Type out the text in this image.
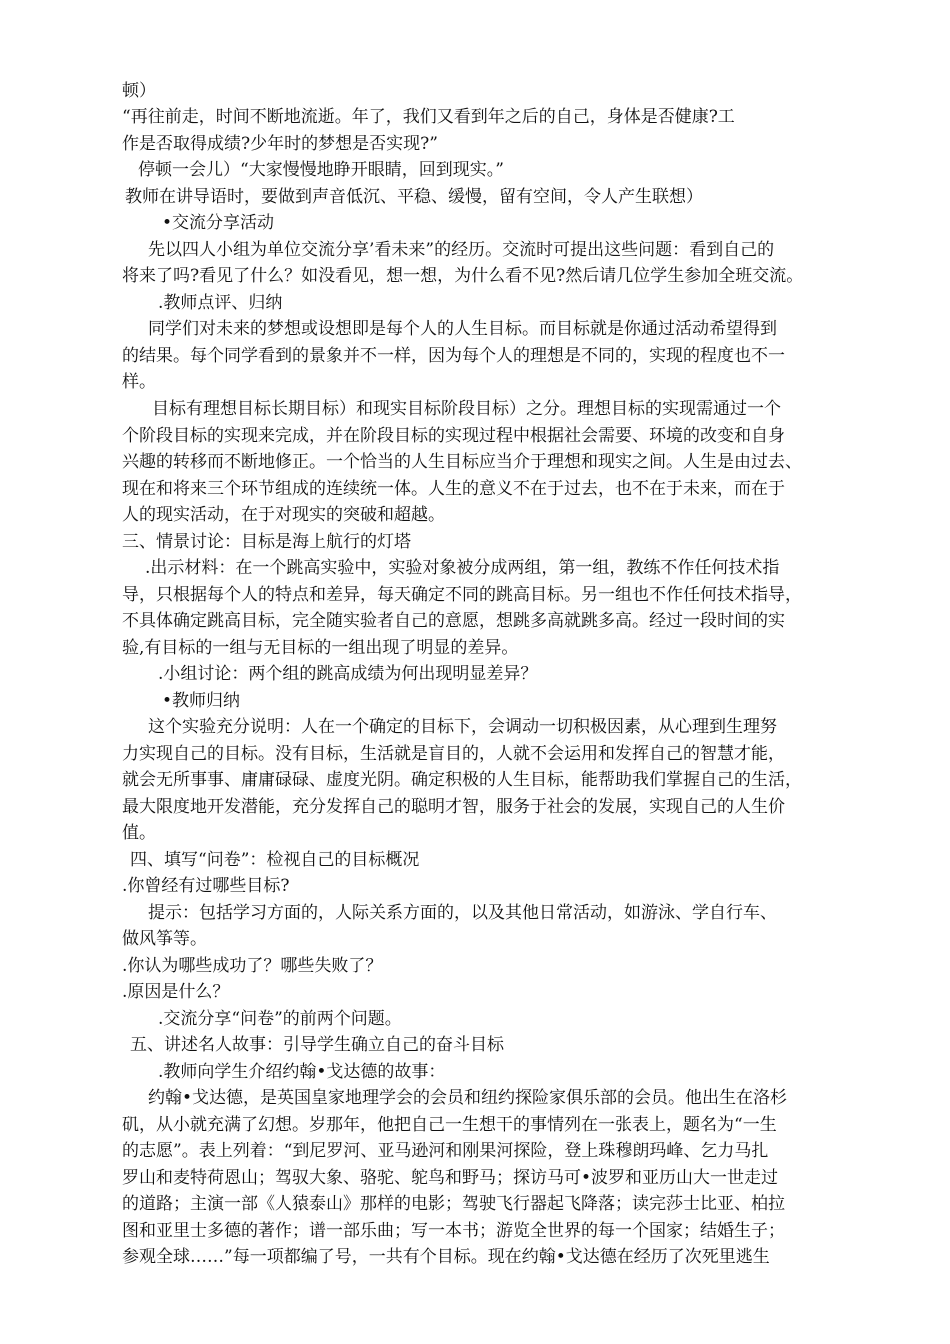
顿）
“再往前走，时间不断地流逝。年了，我们又看到年之后的自己，身体是否健康?工
作是否取得成绩?少年时的梦想是否实现?”
停顿一会儿）“大家慢慢地睁开眼睛，回到现实。”
教师在讲导语时，要做到声音低沉、平稳、缓慢，留有空间，令人产生联想）
•交流分享活动
先以四人小组为单位交流分享’看未来”的经历。交流时可提出这些问题：看到自己的
将来了吗?看见了什么？如没看见，想一想，为什么看不见?然后请几位学生参加全班交流。
.教师点评、归纳
同学们对未来的梦想或设想即是每个人的人生目标。而目标就是你通过活动希望得到
的结果。每个同学看到的景象并不一样，因为每个人的理想是不同的，实现的程度也不一
样。
目标有理想目标长期目标）和现实目标阶段目标）之分。理想目标的实现需通过一个
个阶段目标的实现来完成，并在阶段目标的实现过程中根据社会需要、环境的改变和自身
兴趣的转移而不断地修正。一个恰当的人生目标应当介于理想和现实之间。人生是由过去、
现在和将来三个环节组成的连续统一体。人生的意义不在于过去，也不在于未来，而在于
人的现实活动，在于对现实的突破和超越。
三、情景讨论：目标是海上航行的灯塔
.出示材料：在一个跳高实验中，实验对象被分成两组，第一组，教练不作任何技术指
导，只根据每个人的特点和差异，每天确定不同的跳高目标。另一组也不作任何技术指导，
不具体确定跳高目标，完全随实验者自己的意愿，想跳多高就跳多高。经过一段时间的实
验,有目标的一组与无目标的一组出现了明显的差异。
.小组讨论：两个组的跳高成绩为何出现明显差异？
•教师归纳
这个实验充分说明：人在一个确定的目标下，会调动一切积极因素，从心理到生理努
力实现自己的目标。没有目标，生活就是盲目的，人就不会运用和发挥自己的智慧才能，
就会无所事事、庸庸碌碌、虚度光阴。确定积极的人生目标，能帮助我们掌握自己的生活，
最大限度地开发潜能，充分发挥自己的聪明才智，服务于社会的发展，实现自己的人生价
值。
四、填写“问卷”：检视自己的目标概况
.你曾经有过哪些目标?
提示：包括学习方面的，人际关系方面的，以及其他日常活动，如游泳、学自行车、
做风筝等。
.你认为哪些成功了？哪些失败了？
.原因是什么？
.交流分享“问卷”的前两个问题。
五、讲述名人故事：引导学生确立自己的奋斗目标
.教师向学生介绍约翰•戈达德的故事：
约翰•戈达德，是英国皇家地理学会的会员和纽约探险家俱乐部的会员。他出生在洛杉
矶，从小就充满了幻想。岁那年，他把自己一生想干的事情列在一张表上，题名为“一生
的志愿”。表上列着：“到尼罗河、亚马逊河和刚果河探险，登上珠穆朗玛峰、乞力马扎
罗山和麦特荷恩山；驾驭大象、骆驼、鸵鸟和野马；探访马可•波罗和亚历山大一世走过
的道路；主演一部《人猿泰山》那样的电影；驾驶飞行器起飞降落；读完莎士比亚、柏拉
图和亚里士多德的著作；谱一部乐曲；写一本书；游览全世界的每一个国家；结婚生子；
参观全球……”每一项都编了号，一共有个目标。现在约翰•戈达德在经历了次死里逃生
